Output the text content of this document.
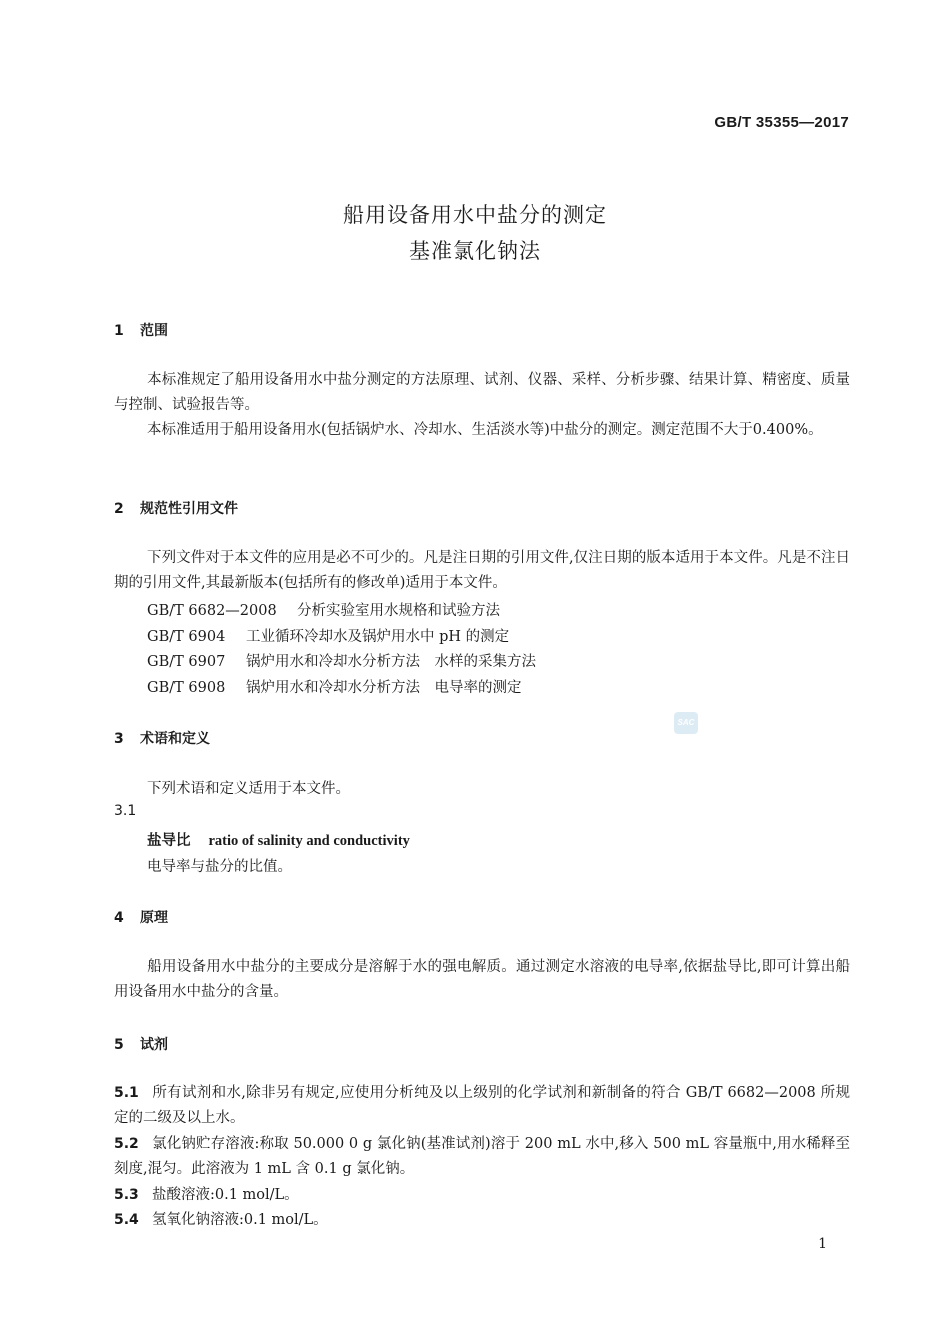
GB/T 35355—2017
船用设备用水中盐分的测定
基准氯化钠法
1 范围
本标准规定了船用设备用水中盐分测定的方法原理、试剂、仪器、采样、分析步骤、结果计算、精密度、质量与控制、试验报告等。
本标准适用于船用设备用水(包括锅炉水、冷却水、生活淡水等)中盐分的测定。测定范围不大于0.400%。
2 规范性引用文件
下列文件对于本文件的应用是必不可少的。凡是注日期的引用文件,仅注日期的版本适用于本文件。凡是不注日期的引用文件,其最新版本(包括所有的修改单)适用于本文件。
GB/T 6682—2008 分析实验室用水规格和试验方法
GB/T 6904 工业循环冷却水及锅炉用水中 pH 的测定
GB/T 6907 锅炉用水和冷却水分析方法　水样的采集方法
GB/T 6908 锅炉用水和冷却水分析方法　电导率的测定
SAC
3 术语和定义
下列术语和定义适用于本文件。
3.1
盐导比 ratio of salinity and conductivity
电导率与盐分的比值。
4 原理
船用设备用水中盐分的主要成分是溶解于水的强电解质。通过测定水溶液的电导率,依据盐导比,即可计算出船用设备用水中盐分的含量。
5 试剂
5.1 所有试剂和水,除非另有规定,应使用分析纯及以上级别的化学试剂和新制备的符合 GB/T 6682—2008 所规定的二级及以上水。
5.2 氯化钠贮存溶液:称取 50.000 0 g 氯化钠(基准试剂)溶于 200 mL 水中,移入 500 mL 容量瓶中,用水稀释至刻度,混匀。此溶液为 1 mL 含 0.1 g 氯化钠。
5.3 盐酸溶液:0.1 mol/L。
5.4 氢氧化钠溶液:0.1 mol/L。
1
